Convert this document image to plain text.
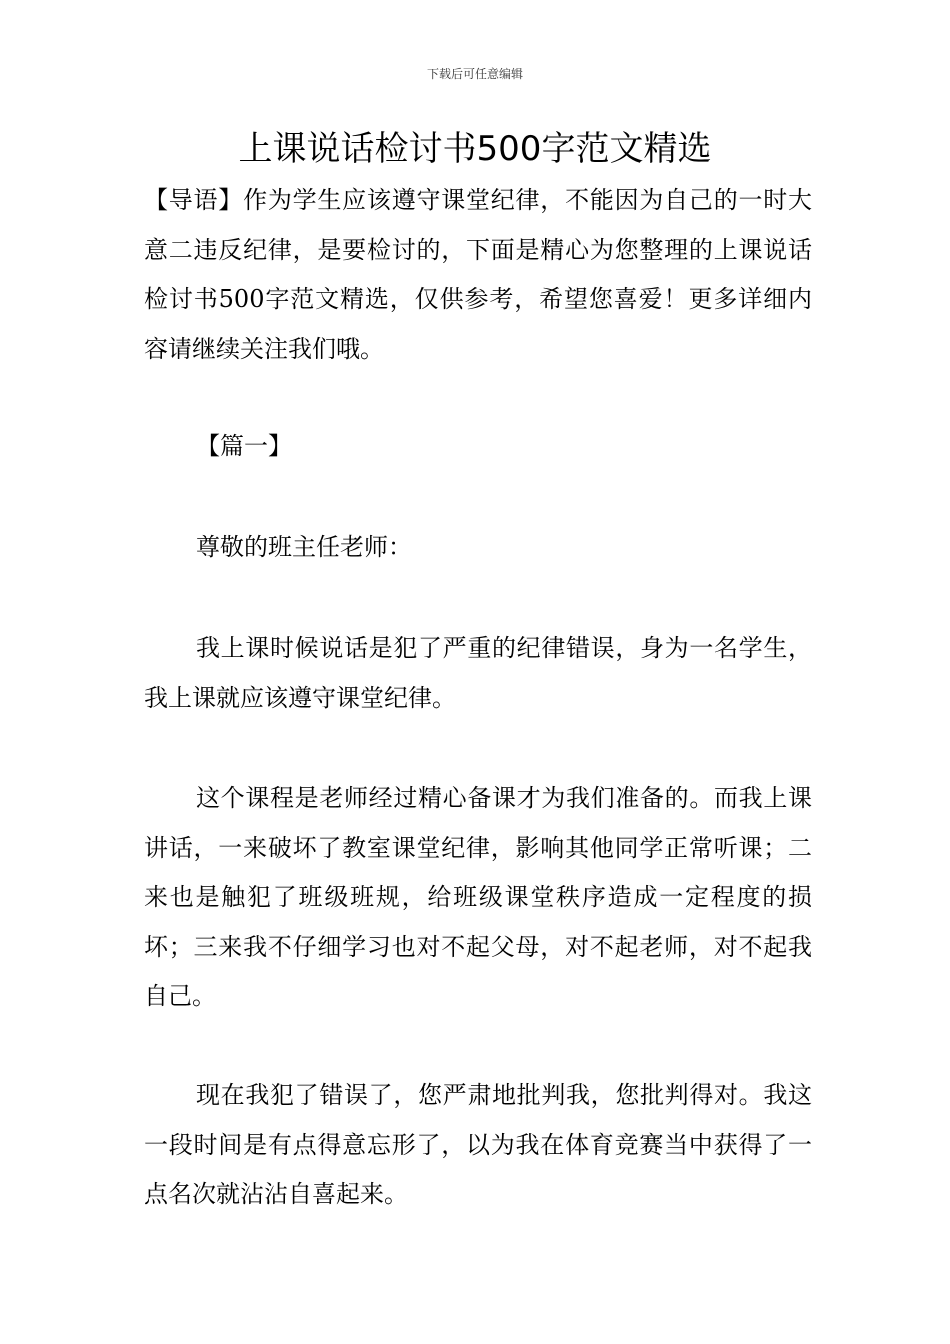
下载后可任意编辑
上课说话检讨书500字范文精选

【导语】作为学生应该遵守课堂纪律，不能因为自己的一时大意二违反纪律，是要检讨的，下面是精心为您整理的上课说话检讨书500字范文精选，仅供参考，希望您喜爱！更多详细内容请继续关注我们哦。

【篇一】

尊敬的班主任老师：

我上课时候说话是犯了严重的纪律错误，身为一名学生，我上课就应该遵守课堂纪律。

这个课程是老师经过精心备课才为我们准备的。而我上课讲话，一来破坏了教室课堂纪律，影响其他同学正常听课；二来也是触犯了班级班规，给班级课堂秩序造成一定程度的损坏；三来我不仔细学习也对不起父母，对不起老师，对不起我自己。

现在我犯了错误了，您严肃地批判我，您批判得对。我这一段时间是有点得意忘形了，以为我在体育竞赛当中获得了一点名次就沾沾自喜起来。
